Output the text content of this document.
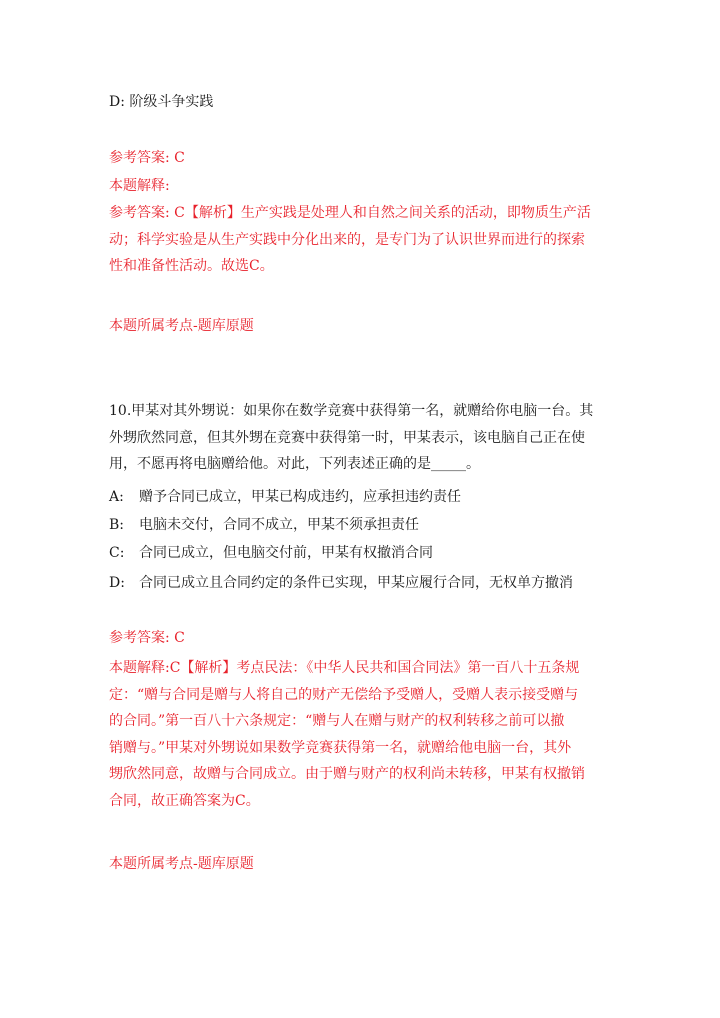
D: 阶级斗争实践
参考答案: C
本题解释:
参考答案: C【解析】生产实践是处理人和自然之间关系的活动，即物质生产活
动；科学实验是从生产实践中分化出来的，是专门为了认识世界而进行的探索
性和准备性活动。故选C。
本题所属考点-题库原题
10.甲某对其外甥说：如果你在数学竞赛中获得第一名，就赠给你电脑一台。其
外甥欣然同意，但其外甥在竞赛中获得第一时，甲某表示，该电脑自己正在使
用，不愿再将电脑赠给他。对此，下列表述正确的是_____。
A: 赠予合同已成立，甲某已构成违约，应承担违约责任
B: 电脑未交付，合同不成立，甲某不须承担责任
C: 合同已成立，但电脑交付前，甲某有权撤消合同
D: 合同已成立且合同约定的条件已实现，甲某应履行合同，无权单方撤消
参考答案: C
本题解释:C【解析】考点民法：《中华人民共和国合同法》第一百八十五条规
定：“赠与合同是赠与人将自己的财产无偿给予受赠人，受赠人表示接受赠与
的合同。”第一百八十六条规定：“赠与人在赠与财产的权利转移之前可以撤
销赠与。”甲某对外甥说如果数学竞赛获得第一名，就赠给他电脑一台，其外
甥欣然同意，故赠与合同成立。由于赠与财产的权利尚未转移，甲某有权撤销
合同，故正确答案为C。
本题所属考点-题库原题
